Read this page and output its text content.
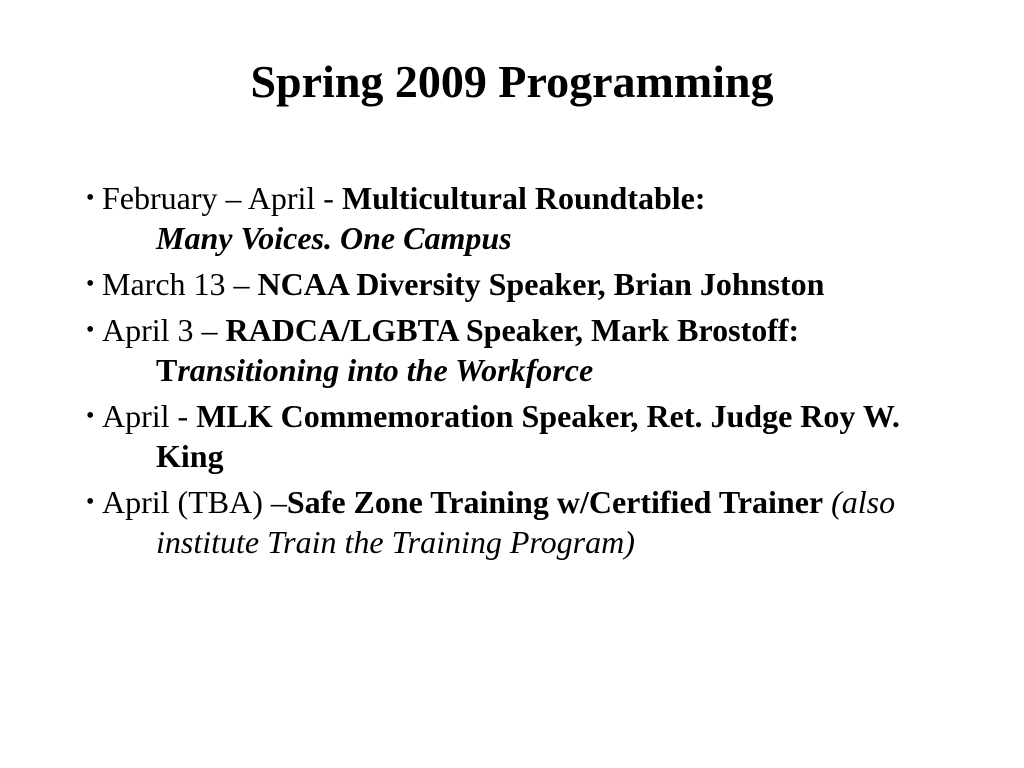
Spring 2009 Programming
• February – April - Multicultural Roundtable:
Many Voices. One Campus
• March 13 – NCAA Diversity Speaker, Brian Johnston
• April 3 – RADCA/LGBTA Speaker, Mark Brostoff: Transitioning into the Workforce
• April - MLK Commemoration Speaker, Ret. Judge Roy W. King
• April (TBA) –Safe Zone Training w/Certified Trainer (also institute Train the Training Program)
